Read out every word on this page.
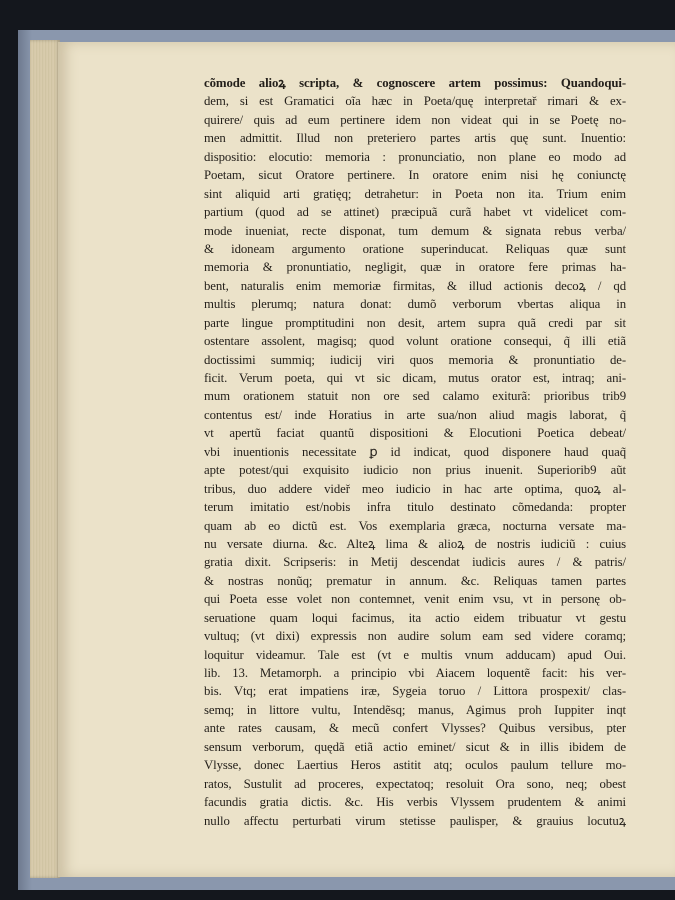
cõmode alioꝝ scripta, & cognoscere artem possimus: Quandoqui-
dem, si est Gramatici oĩa hæc in Poeta/quę interpretař rimari & ex-
quirere/ quis ad eum pertinere idem non videat qui in se Poetę no-
men admittit. Illud non preteriero partes artis quę sunt. Inuentio:
dispositio: elocutio: memoria : pronunciatio, non plane eo modo ad
Poetam, sicut Oratore pertinere. In oratore enim nisi hę coniunctę
sint aliquid arti gratięq; detrahetur: in Poeta non ita. Trium enim
partium (quod ad se attinet) præcipuã curã habet vt videlicet com-
mode inueniat, recte disponat, tum demum & signata rebus verba/
& idoneam argumento oratione superinducat. Reliquas quæ sunt
memoria & pronuntiatio, negligit, quæ in oratore fere primas ha-
bent, naturalis enim memoriæ firmitas, & illud actionis decoꝝ / qd
multis plerumq; natura donat: dumõ verborum vbertas aliqua in
parte lingue promptitudini non desit, artem supra quã credi par sit
ostentare assolent, magisq; quod volunt oratione consequi, q̃ illi etiã
doctissimi summiq; iudicij viri quos memoria & pronuntiatio de-
ficit. Verum poeta, qui vt sic dicam, mutus orator est, intraq; ani-
mum orationem statuit non ore sed calamo exiturã: prioribus trib9
contentus est/ inde Horatius in arte sua/non aliud magis laborat, q̃
vt apertũ faciat quantũ dispositioni & Elocutioni Poetica debeat/
vbi inuentionis necessitate ꝑ id indicat, quod disponere haud quaq̃
apte potest/qui exquisito iudicio non prius inuenit. Superiorib9 aũt
tribus, duo addere videř meo iudicio in hac arte optima, quoꝝ al-
terum imitatio est/nobis infra titulo destinato cõmedanda: propter
quam ab eo dictũ est. Vos exemplaria græca, nocturna versate ma-
nu versate diurna. &c. Alteꝝ lima & alioꝝ de nostris iudiciũ : cuius
gratia dixit. Scripseris: in Metij descendat iudicis aures / & patris/
& nostras nonũq; prematur in annum. &c. Reliquas tamen partes
qui Poeta esse volet non contemnet, venit enim vsu, vt in personę ob-
seruatione quam loqui facimus, ita actio eidem tribuatur vt gestu
vultuq; (vt dixi) expressis non audire solum eam sed videre coramq;
loquitur videamur. Tale est (vt e multis vnum adducam) apud Oui.
lib. 13. Metamorph. a principio vbi Aiacem loquentẽ facit: his ver-
bis. Vtq; erat impatiens iræ, Sygeia toruo / Littora prospexit/ clas-
semq; in littore vultu, Intendẽsq; manus, Agimus proh Iuppiter inqt
ante rates causam, & mecũ confert Vlysses? Quibus versibus, pter
sensum verborum, quędã etiã actio eminet/ sicut & in illis ibidem de
Vlysse, donec Laertius Heros astitit atq; oculos paulum tellure mo-
ratos, Sustulit ad proceres, expectatoq; resoluit Ora sono, neq; obest
facundis gratia dictis. &c. His verbis Vlyssem prudentem & animi
nullo affectu perturbati virum stetisse paulisper, & grauius locutuꝝ
